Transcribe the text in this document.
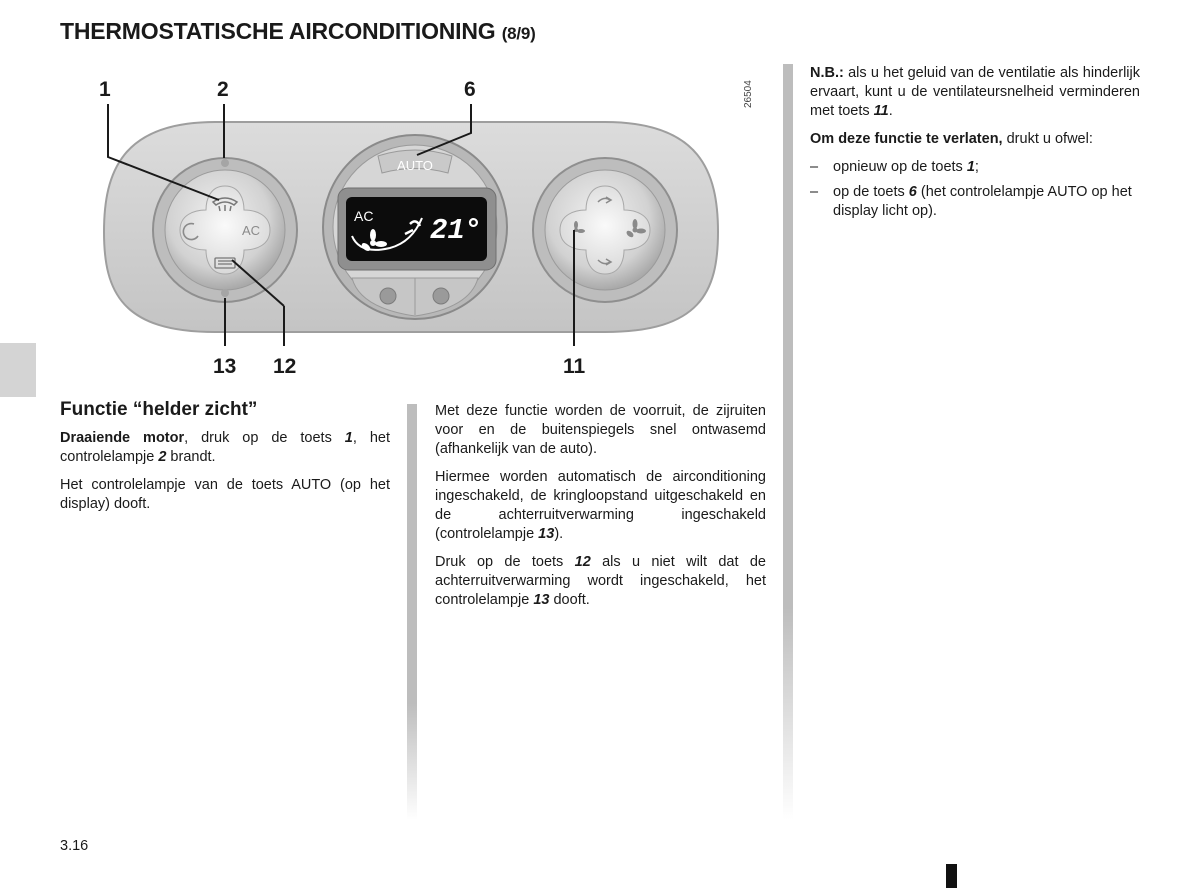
THERMOSTATISCHE AIRCONDITIONING (8/9)
AC
AUTO
AC 21°
1	2	6
13 12	11
26504
Functie “helder zicht”

Draaiende motor, druk op de toets 1, het controlelampje 2 brandt.

Het controlelampje van de toets AUTO (op het display) dooft.

Met deze functie worden de voorruit, de zijruiten voor en de buitenspiegels snel ontwasemd (afhankelijk van de auto).

Hiermee worden automatisch de airconditioning ingeschakeld, de kringloopstand uitgeschakeld en de achterruitverwarming ingeschakeld (controlelampje 13).

Druk op de toets 12 als u niet wilt dat de achterruitverwarming wordt ingeschakeld, het controlelampje 13 dooft.

N.B.: als u het geluid van de ventilatie als hinderlijk ervaart, kunt u de ventilateursnelheid verminderen met toets 11.

Om deze functie te verlaten, drukt u ofwel:

– opnieuw op de toets 1;
– op de toets 6 (het controlelampje AUTO op het display licht op).
3.16
